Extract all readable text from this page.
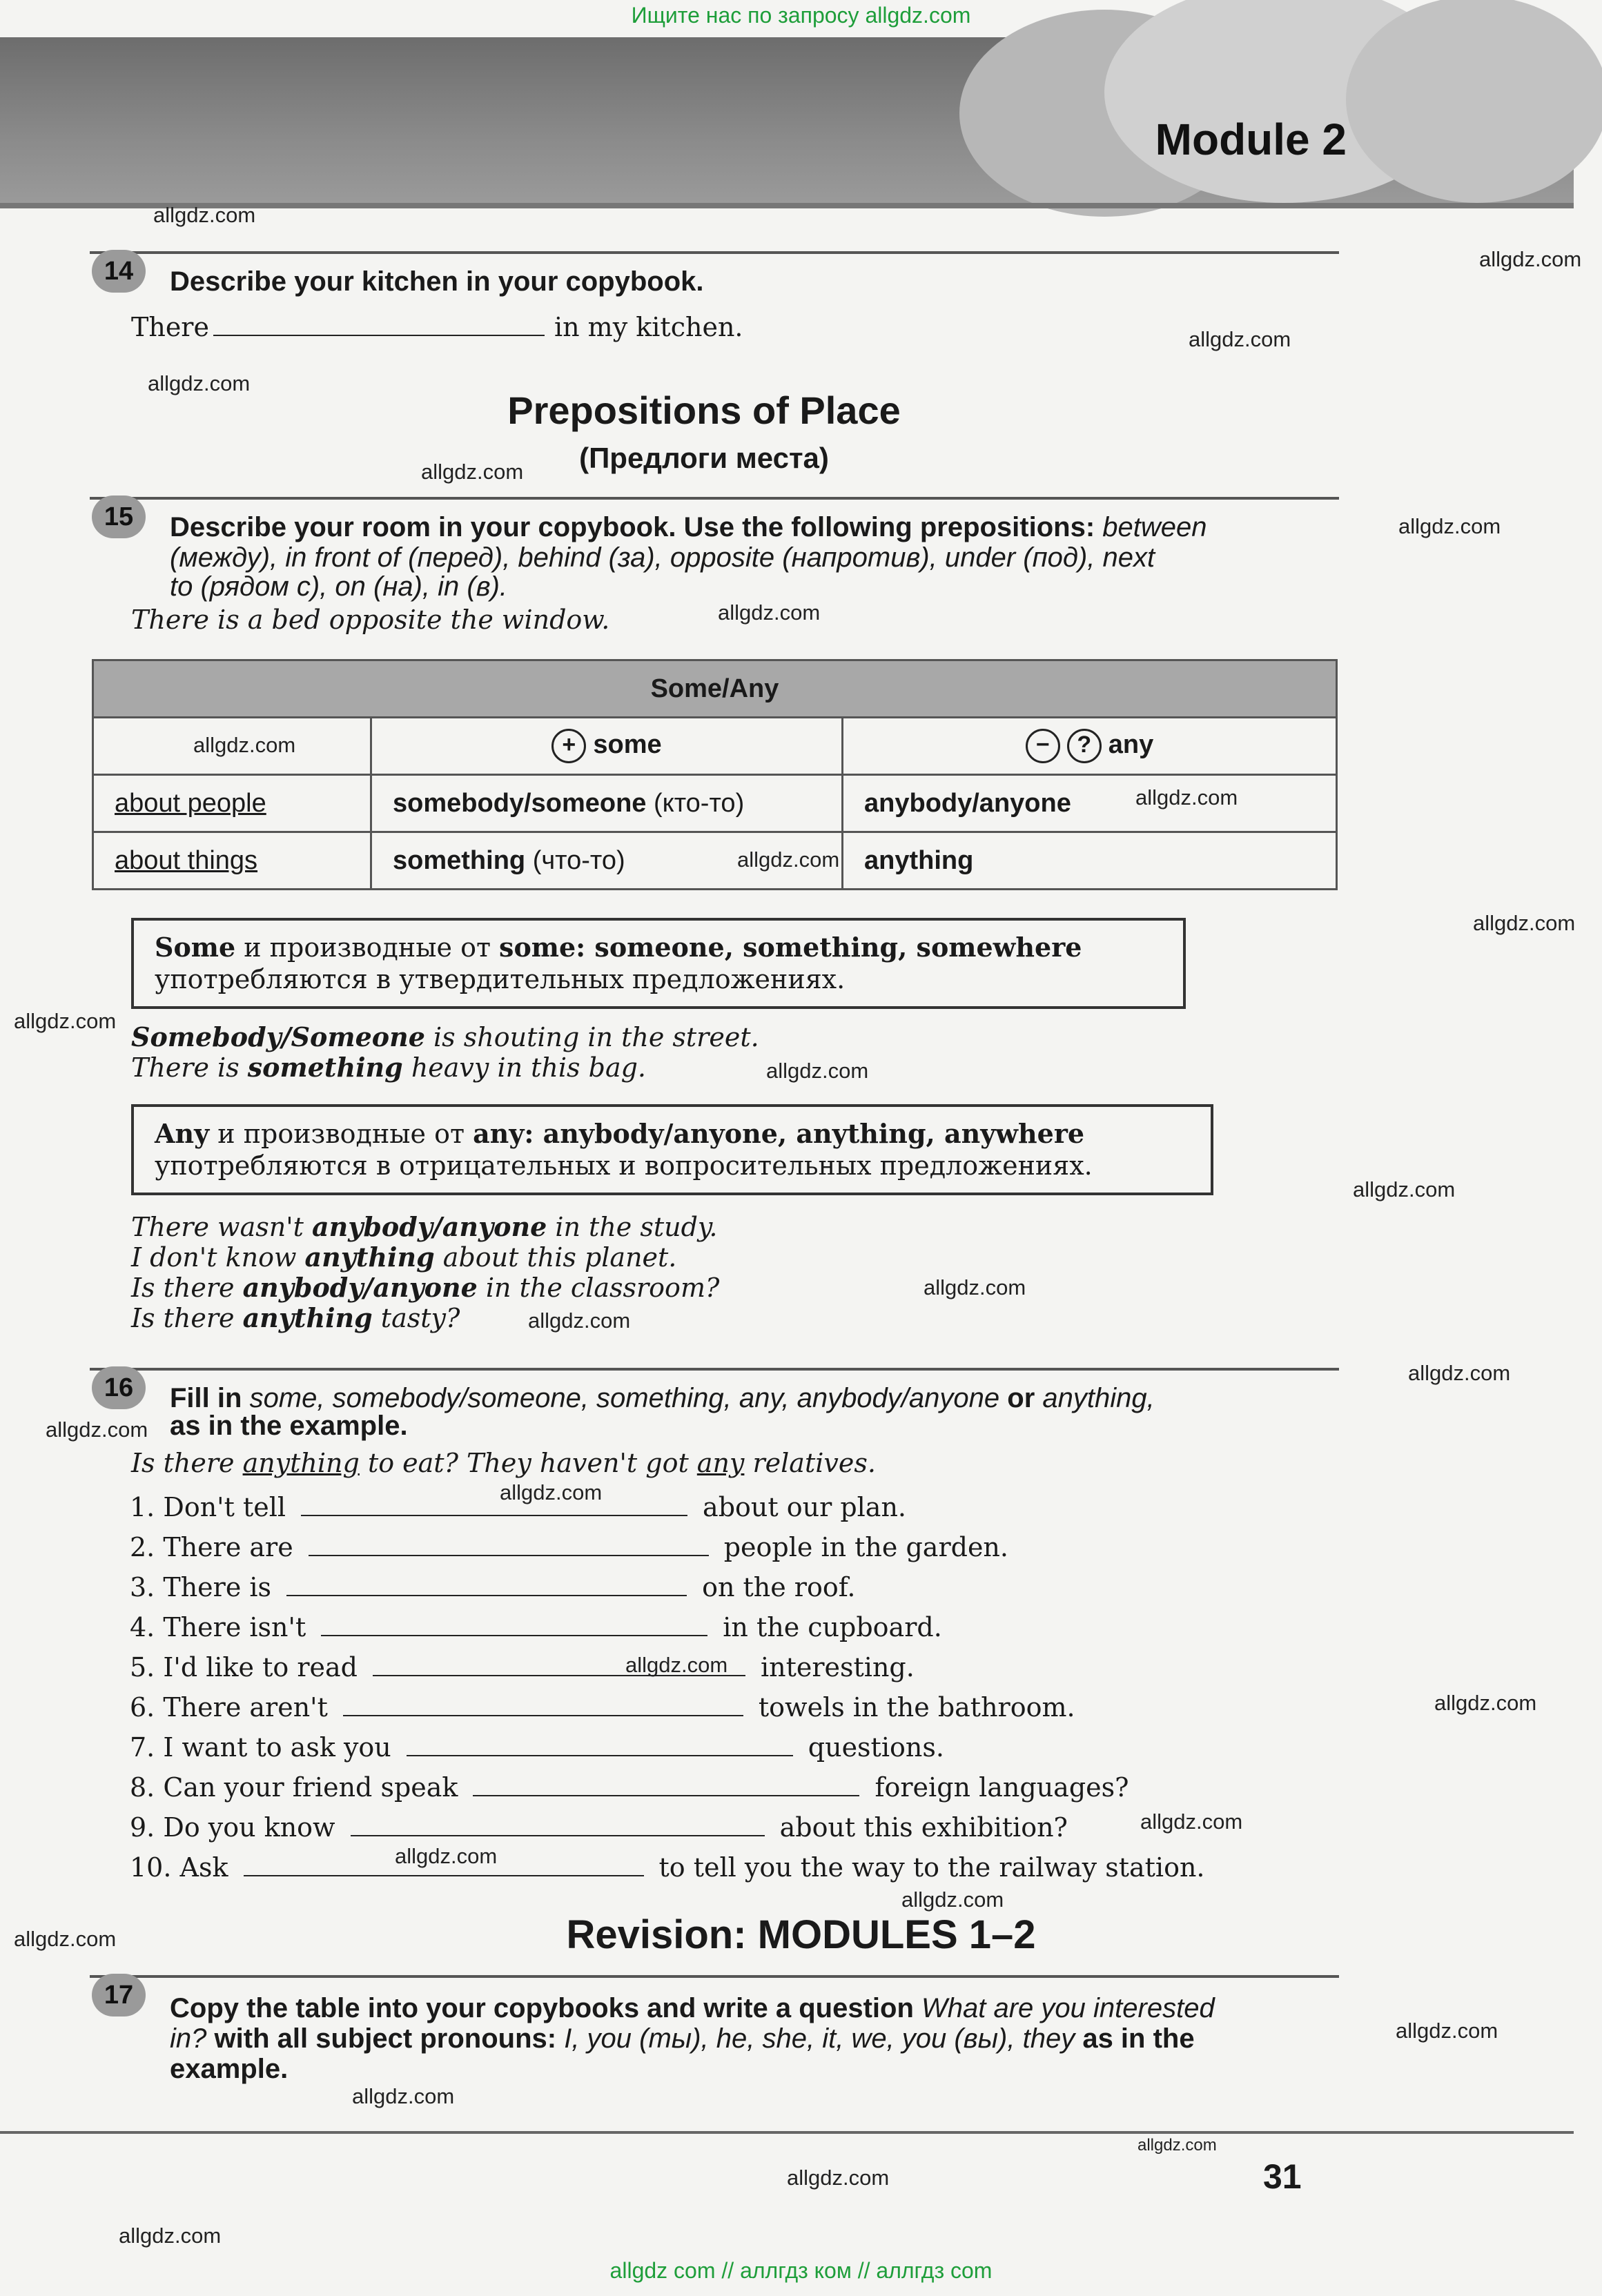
Ищите нас по запросу allgdz.com
Module 2
allgdz.com
allgdz.com
allgdz.com
allgdz.com
allgdz.com
allgdz.com
allgdz.com
allgdz.com
allgdz.com
allgdz.com
allgdz.com
allgdz.com
allgdz.com
allgdz.com
allgdz.com
allgdz.com
allgdz.com
allgdz.com
allgdz.com
allgdz.com
allgdz.com
allgdz.com
allgdz.com
allgdz.com
allgdz.com
allgdz.com
allgdz.com
allgdz.com
allgdz.com
allgdz.com
14	Describe your kitchen in your copybook.
There	in my kitchen.
Prepositions of Place
(Предлоги места)
15	Describe your room in your copybook. Use the following prepositions: between
(между), in front of (перед), behind (за), opposite (напротив), under (под), next
to (рядом с), on (на), in (в).
There is a bed opposite the window.
Some/Any		
	+ some	− ? any
about people	somebody/someone (кто-то)	anybody/anyone
about things	something (что-то)	anything
Some и производные от some: someone, something, somewhere
употребляются в утвердительных предложениях.
Somebody/Someone is shouting in the street.
There is something heavy in this bag.
Any и производные от any: anybody/anyone, anything, anywhere
употребляются в отрицательных и вопросительных предложениях.
There wasn't anybody/anyone in the study.
I don't know anything about this planet.
Is there anybody/anyone in the classroom?
Is there anything tasty?
16	Fill in some, somebody/someone, something, any, anybody/anyone or anything,
as in the example.
Is there anything to eat? They haven't got any relatives.
1. Don't tell	about our plan.
2. There are	people in the garden.
3. There is	on the roof.
4. There isn't	in the cupboard.
5. I'd like to read	interesting.
6. There aren't	towels in the bathroom.
7. I want to ask you	questions.
8. Can your friend speak	foreign languages?
9. Do you know	about this exhibition?
10. Ask	to tell you the way to the railway station.
Revision: MODULES 1–2
17	Copy the table into your copybooks and write a question What are you interested
in? with all subject pronouns: I, you (ты), he, she, it, we, you (вы), they as in the
example.
31
allgdz com // аллгдз ком // аллгдз com
